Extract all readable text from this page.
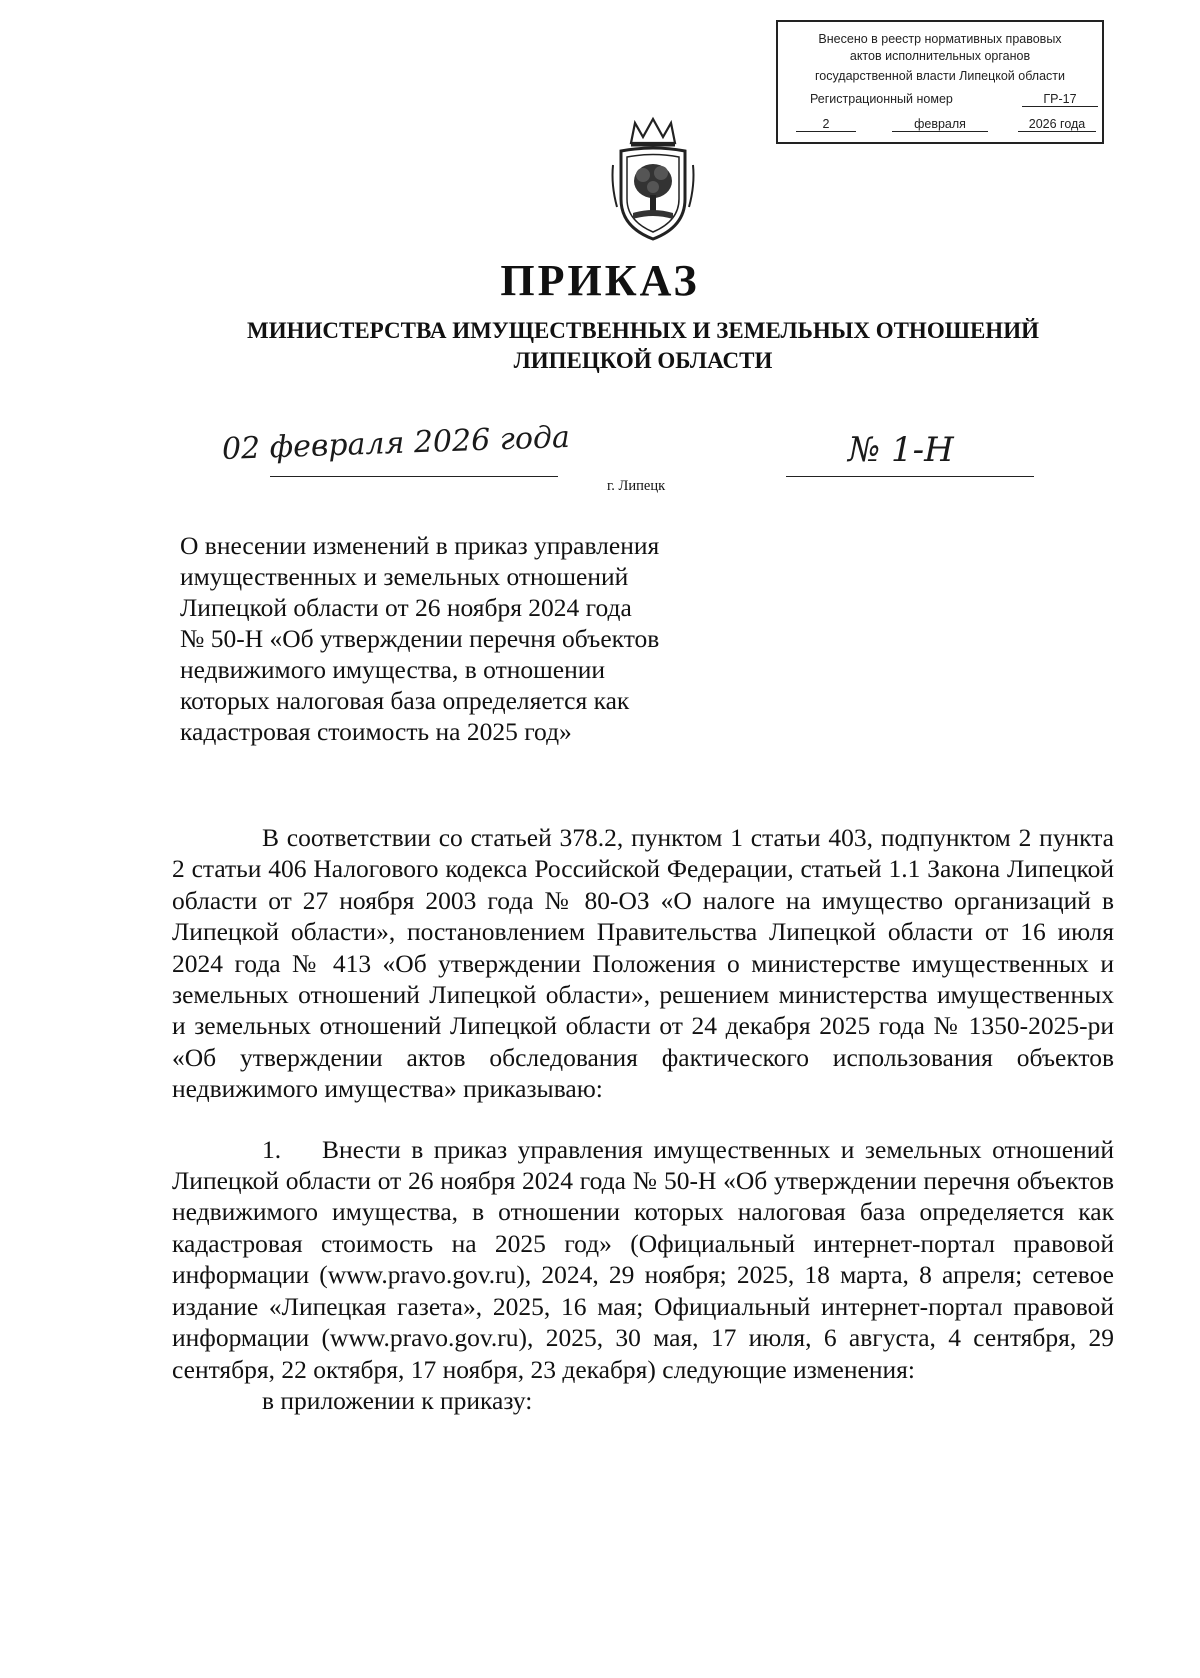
Внесено в реестр нормативных правовых
актов исполнительных органов
государственной власти Липецкой области
Регистрационный номер	ГР-17
2	февраля	2026 года
ПРИКАЗ
МИНИСТЕРСТВА ИМУЩЕСТВЕННЫХ И ЗЕМЕЛЬНЫХ ОТНОШЕНИЙ
ЛИПЕЦКОЙ ОБЛАСТИ
02 февраля 2026 года
г. Липецк
№ 1-Н

О внесении изменений в приказ управления

имущественных и земельных отношений

Липецкой области от 26 ноября 2024 года

№ 50-Н «Об утверждении перечня объектов

недвижимого имущества, в отношении

которых налоговая база определяется как

кадастровая стоимость на 2025 год»

В соответствии со статьей 378.2, пунктом 1 статьи 403, подпунктом 2 пункта 2 статьи 406 Налогового кодекса Российской Федерации, статьей 1.1 Закона Липецкой области от 27 ноября 2003 года № 80-ОЗ «О налоге на имущество организаций в Липецкой области», постановлением Правительства Липецкой области от 16 июля 2024 года № 413 «Об утверждении Положения о министерстве имущественных и земельных отношений Липецкой области», решением министерства имущественных и земельных отношений Липецкой области от 24 декабря 2025 года № 1350-2025-ри «Об утверждении актов обследования фактического использования объектов недвижимого имущества» приказываю:

1. Внести в приказ управления имущественных и земельных отношений Липецкой области от 26 ноября 2024 года № 50-Н «Об утверждении перечня объектов недвижимого имущества, в отношении которых налоговая база определяется как кадастровая стоимость на 2025 год» (Официальный интернет-портал правовой информации (www.pravo.gov.ru), 2024, 29 ноября; 2025, 18 марта, 8 апреля; сетевое издание «Липецкая газета», 2025, 16 мая; Официальный интернет-портал правовой информации (www.pravo.gov.ru), 2025, 30 мая, 17 июля, 6 августа, 4 сентября, 29 сентября, 22 октября, 17 ноября, 23 декабря) следующие изменения:

в приложении к приказу:
